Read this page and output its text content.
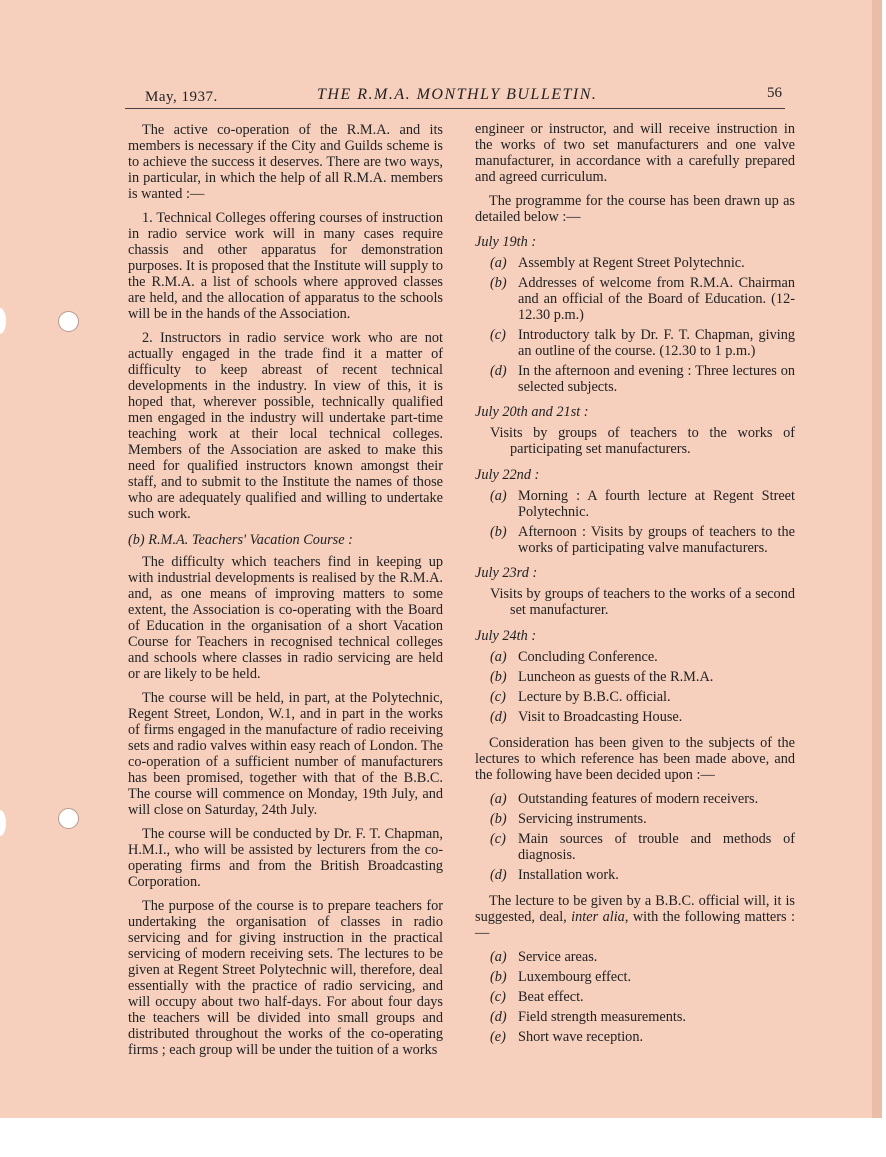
May, 1937.	THE R.M.A. MONTHLY BULLETIN.	56

The active co-operation of the R.M.A. and its members is necessary if the City and Guilds scheme is to achieve the success it deserves. There are two ways, in particular, in which the help of all R.M.A. members is wanted :—

1. Technical Colleges offering courses of instruction in radio service work will in many cases require chassis and other apparatus for demonstration purposes. It is proposed that the Institute will supply to the R.M.A. a list of schools where approved classes are held, and the allocation of apparatus to the schools will be in the hands of the Association.

2. Instructors in radio service work who are not actually engaged in the trade find it a matter of difficulty to keep abreast of recent technical developments in the industry. In view of this, it is hoped that, wherever possible, technically qualified men engaged in the industry will undertake part-time teaching work at their local technical colleges. Members of the Association are asked to make this need for qualified instructors known amongst their staff, and to submit to the Institute the names of those who are adequately qualified and willing to undertake such work.

(b) R.M.A. Teachers' Vacation Course :

The difficulty which teachers find in keeping up with industrial developments is realised by the R.M.A. and, as one means of improving matters to some extent, the Association is co-operating with the Board of Education in the organisation of a short Vacation Course for Teachers in recognised technical colleges and schools where classes in radio servicing are held or are likely to be held.

The course will be held, in part, at the Polytechnic, Regent Street, London, W.1, and in part in the works of firms engaged in the manufacture of radio receiving sets and radio valves within easy reach of London. The co-operation of a sufficient number of manufacturers has been promised, together with that of the B.B.C. The course will commence on Monday, 19th July, and will close on Saturday, 24th July.

The course will be conducted by Dr. F. T. Chapman, H.M.I., who will be assisted by lecturers from the co-operating firms and from the British Broadcasting Corporation.

The purpose of the course is to prepare teachers for undertaking the organisation of classes in radio servicing and for giving instruction in the practical servicing of modern receiving sets. The lectures to be given at Regent Street Polytechnic will, therefore, deal essentially with the practice of radio servicing, and will occupy about two half-days. For about four days the teachers will be divided into small groups and distributed throughout the works of the co-operating firms ; each group will be under the tuition of a works

engineer or instructor, and will receive instruction in the works of two set manufacturers and one valve manufacturer, in accordance with a carefully prepared and agreed curriculum.

The programme for the course has been drawn up as detailed below :—

July 19th :
(a) Assembly at Regent Street Polytechnic.
(b) Addresses of welcome from R.M.A. Chairman and an official of the Board of Education. (12-12.30 p.m.)
(c) Introductory talk by Dr. F. T. Chapman, giving an outline of the course. (12.30 to 1 p.m.)
(d) In the afternoon and evening : Three lectures on selected subjects.
July 20th and 21st :
Visits by groups of teachers to the works of participating set manufacturers.
July 22nd :
(a) Morning : A fourth lecture at Regent Street Polytechnic.
(b) Afternoon : Visits by groups of teachers to the works of participating valve manufacturers.
July 23rd :
Visits by groups of teachers to the works of a second set manufacturer.
July 24th :
(a) Concluding Conference.
(b) Luncheon as guests of the R.M.A.
(c) Lecture by B.B.C. official.
(d) Visit to Broadcasting House.

Consideration has been given to the subjects of the lectures to which reference has been made above, and the following have been decided upon :—

(a) Outstanding features of modern receivers.
(b) Servicing instruments.
(c) Main sources of trouble and methods of diagnosis.
(d) Installation work.

The lecture to be given by a B.B.C. official will, it is suggested, deal, inter alia, with the following matters :—

(a) Service areas.
(b) Luxembourg effect.
(c) Beat effect.
(d) Field strength measurements.
(e) Short wave reception.
